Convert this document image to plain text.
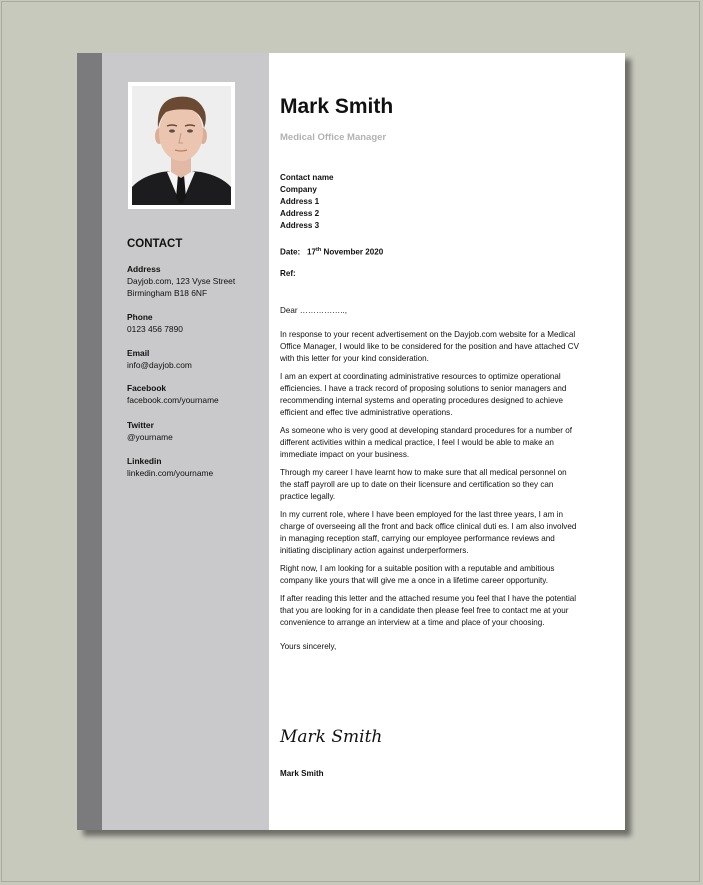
CONTACT
Address
Dayjob.com, 123 Vyse Street
Birmingham B18 6NF
Phone
0123 456 7890
Email
info@dayjob.com
Facebook
facebook.com/yourname
Twitter
@yourname
Linkedin
linkedin.com/yourname
Mark Smith
Medical Office Manager
Contact name
Company
Address 1
Address 2
Address 3
Date: 17th November 2020
Ref:
Dear ……………..,

In response to your recent advertisement on the Dayjob.com website for a Medical Office Manager, I would like to be considered for the position and have attached CV with this letter for your kind consideration.

I am an expert at coordinating administrative resources to optimize operational efficiencies. I have a track record of proposing solutions to senior managers and recommending internal systems and operating procedures designed to achieve efficient and effec tive administrative operations.

As someone who is very good at developing standard procedures for a number of different activities within a medical practice, I feel I would be able to make an immediate impact on your business.

Through my career I have learnt how to make sure that all medical personnel on the staff payroll are up to date on their licensure and certification so they can practice legally.

In my current role, where I have been employed for the last three years, I am in charge of overseeing all the front and back office clinical duti es. I am also involved in managing reception staff, carrying our employee performance reviews and initiating disciplinary action against underperformers.

Right now, I am looking for a suitable position with a reputable and ambitious company like yours that will give me a once in a lifetime career opportunity.

If after reading this letter and the attached resume you feel that I have the potential that you are looking for in a candidate then please feel free to contact me at your convenience to arrange an interview at a time and place of your choosing.

Yours sincerely,

Mark Smith
Mark Smith
